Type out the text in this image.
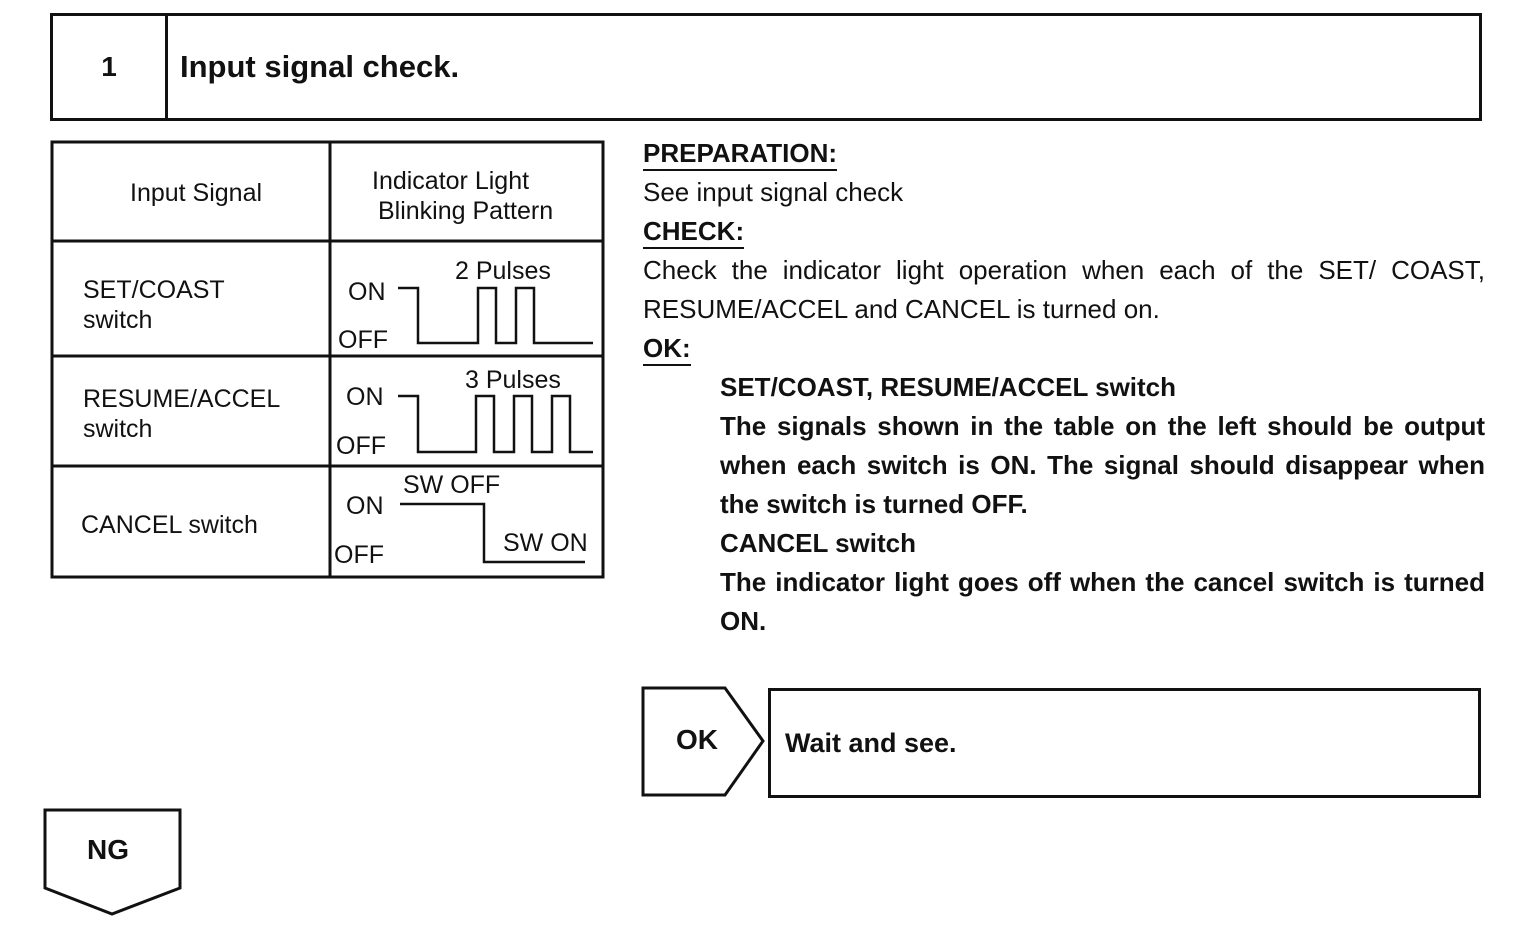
1	Input signal check.
Input Signal	Indicator Light
Blinking Pattern
SET/COAST
switch
ON
OFF
2 Pulses
RESUME/ACCEL
switch
ON
OFF
3 Pulses
CANCEL switch
ON
OFF
SW OFF
SW ON
PREPARATION:
See input signal check
CHECK:
Check the indicator light operation when each of the SET/ COAST, RESUME/ACCEL and CANCEL is turned on.
OK:
SET/COAST, RESUME/ACCEL switch
The signals shown in the table on the left should be output when each switch is ON. The signal should disappear when the switch is turned OFF.
CANCEL switch
The indicator light goes off when the cancel switch is turned ON.
OK Wait and see.
NG
